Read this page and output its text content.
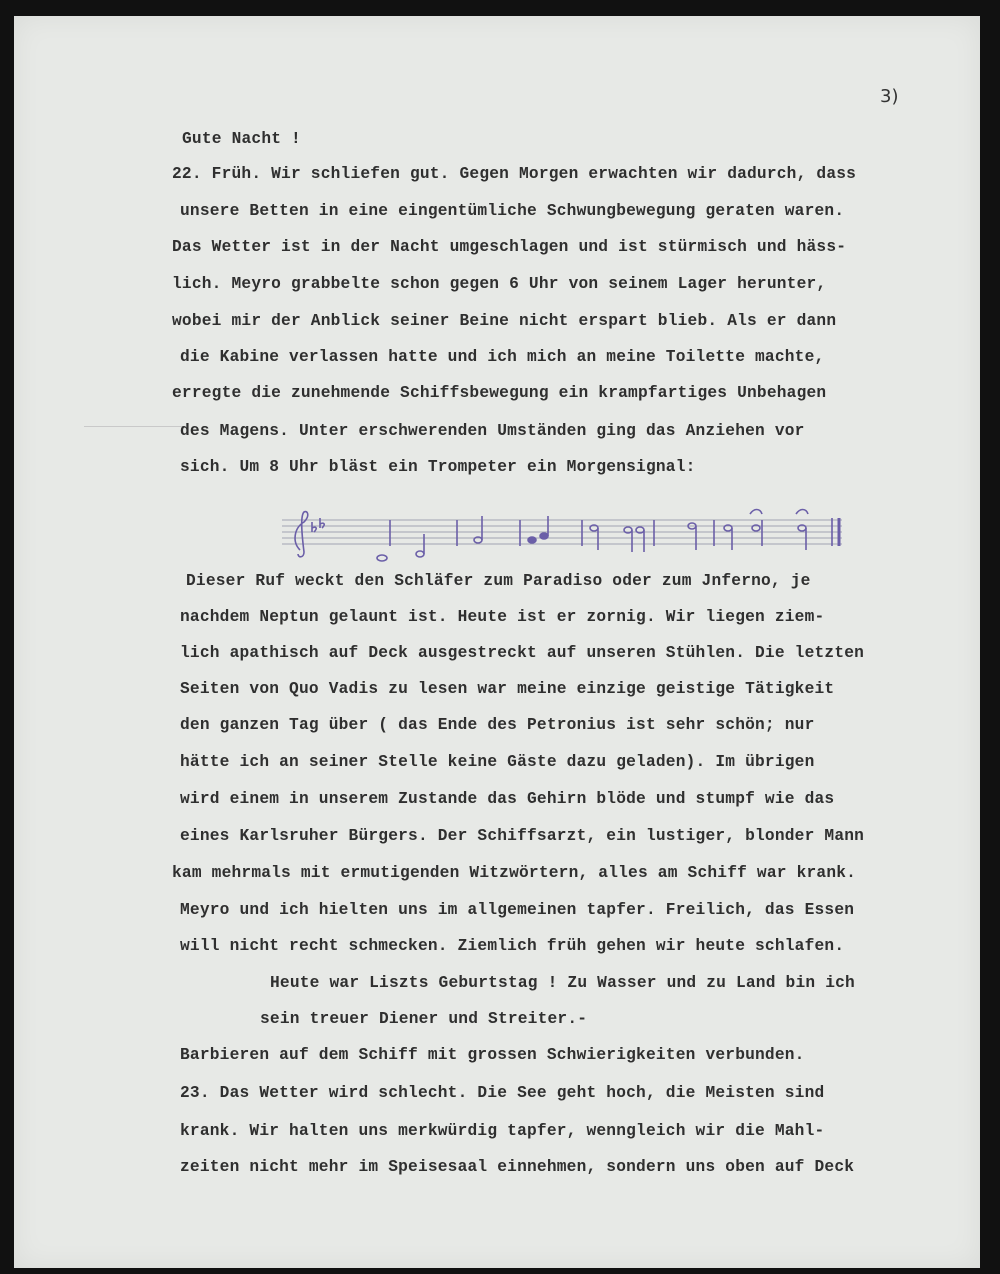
3)
Gute Nacht !
22. Früh. Wir schliefen gut. Gegen Morgen erwachten wir dadurch, dass
unsere Betten in eine eingentümliche Schwungbewegung geraten waren.
Das Wetter ist in der Nacht umgeschlagen und ist stürmisch und häss-
lich. Meyro grabbelte schon gegen 6 Uhr von seinem Lager herunter,
wobei mir der Anblick seiner Beine nicht erspart blieb. Als er dann
die Kabine verlassen hatte und ich mich an meine Toilette machte,
erregte die zunehmende Schiffsbewegung ein krampfartiges Unbehagen
des Magens. Unter erschwerenden Umständen ging das Anziehen vor
sich. Um 8 Uhr bläst ein Trompeter ein Morgensignal:
Dieser Ruf weckt den Schläfer zum Paradiso oder zum Jnferno, je
nachdem Neptun gelaunt ist. Heute ist er zornig. Wir liegen ziem-
lich apathisch auf Deck ausgestreckt auf unseren Stühlen. Die letzten
Seiten von Quo Vadis zu lesen war meine einzige geistige Tätigkeit
den ganzen Tag über ( das Ende des Petronius ist sehr schön; nur
hätte ich an seiner Stelle keine Gäste dazu geladen). Im übrigen
wird einem in unserem Zustande das Gehirn blöde und stumpf wie das
eines Karlsruher Bürgers. Der Schiffsarzt, ein lustiger, blonder Mann
kam mehrmals mit ermutigenden Witzwörtern, alles am Schiff war krank.
Meyro und ich hielten uns im allgemeinen tapfer. Freilich, das Essen
will nicht recht schmecken. Ziemlich früh gehen wir heute schlafen.
Heute war Liszts Geburtstag ! Zu Wasser und zu Land bin ich
sein treuer Diener und Streiter.-
Barbieren auf dem Schiff mit grossen Schwierigkeiten verbunden.
23. Das Wetter wird schlecht. Die See geht hoch, die Meisten sind
krank. Wir halten uns merkwürdig tapfer, wenngleich wir die Mahl-
zeiten nicht mehr im Speisesaal einnehmen, sondern uns oben auf Deck
